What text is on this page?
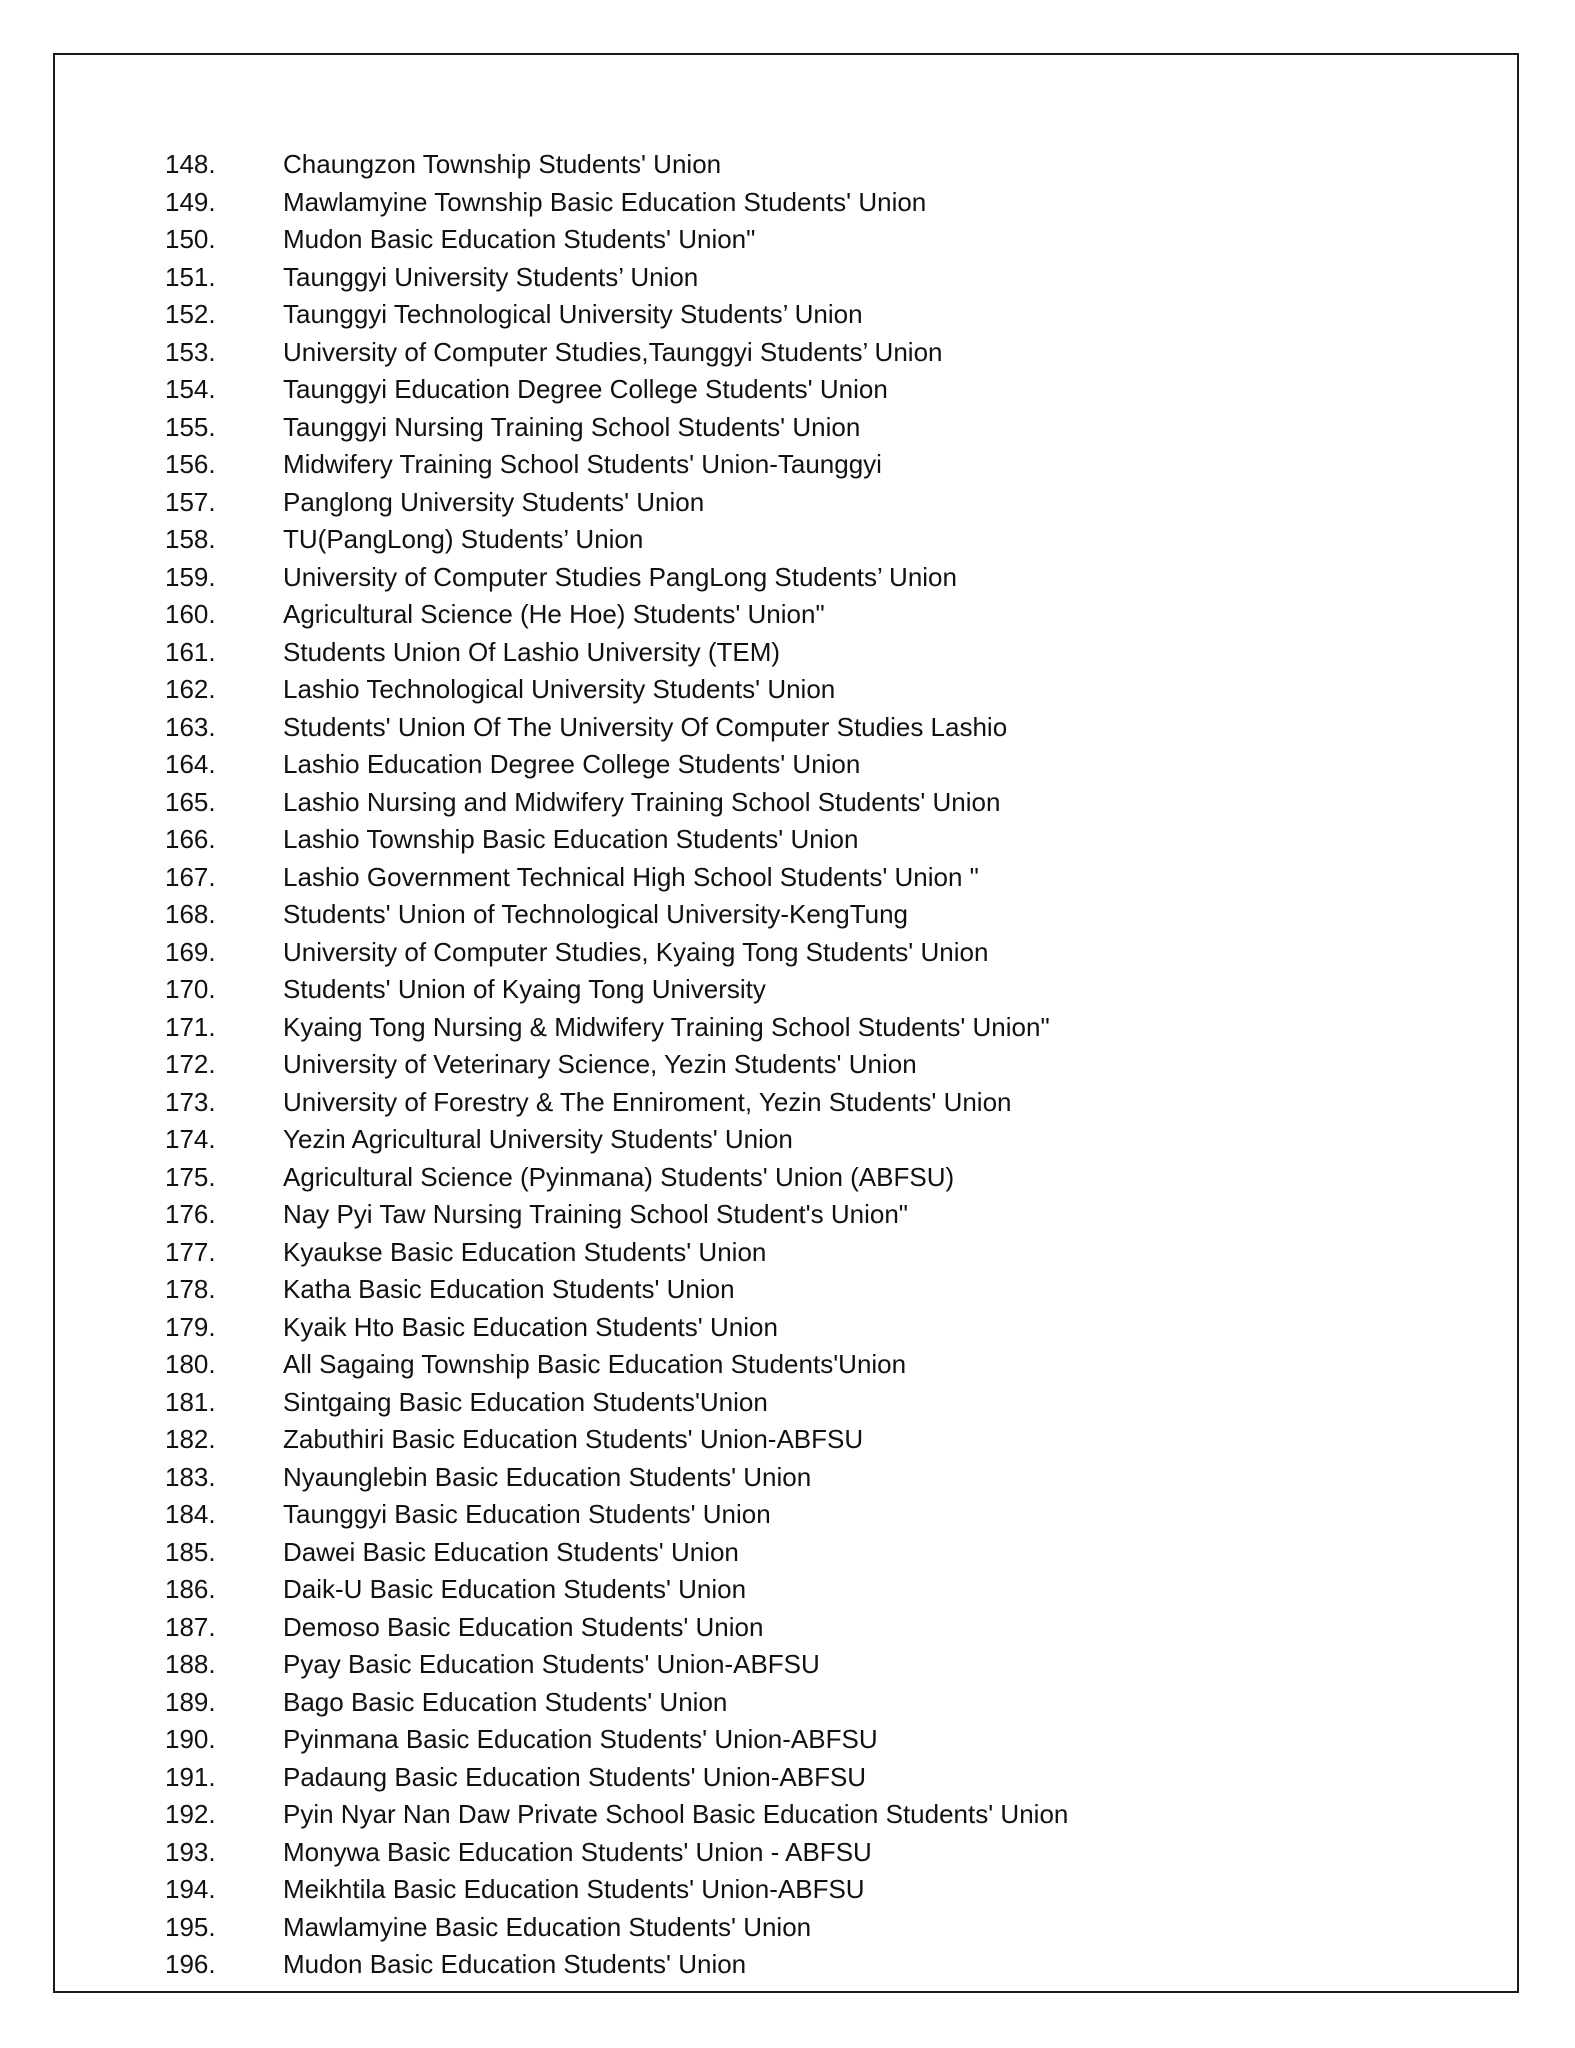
148.	Chaungzon Township Students' Union
149.	Mawlamyine Township Basic Education Students' Union
150.	Mudon Basic Education Students' Union"
151.	Taunggyi University Students’ Union
152.	Taunggyi Technological University Students’ Union
153.	University of Computer Studies,Taunggyi Students’ Union
154.	Taunggyi Education Degree College Students' Union
155.	Taunggyi Nursing Training School Students' Union
156.	Midwifery Training School Students' Union-Taunggyi
157.	Panglong University Students' Union
158.	TU(PangLong) Students’ Union
159.	University of Computer Studies PangLong Students’ Union
160.	Agricultural Science (He Hoe) Students' Union"
161.	Students Union Of Lashio University (TEM)
162.	Lashio Technological University Students' Union
163.	Students' Union Of The University Of Computer Studies Lashio
164.	Lashio Education Degree College Students' Union
165.	Lashio Nursing and Midwifery Training School Students' Union
166.	Lashio Township Basic Education Students' Union
167.	Lashio Government Technical High School Students' Union "
168.	Students' Union of Technological University-KengTung
169.	University of Computer Studies, Kyaing Tong Students' Union
170.	Students' Union of Kyaing Tong University
171.	Kyaing Tong Nursing & Midwifery Training School Students' Union"
172.	University of Veterinary Science, Yezin Students' Union
173.	University of Forestry & The Enniroment, Yezin Students' Union
174.	Yezin Agricultural University Students' Union
175.	Agricultural Science (Pyinmana) Students' Union (ABFSU)
176.	Nay Pyi Taw Nursing Training School Student's Union"
177.	Kyaukse Basic Education Students' Union
178.	Katha Basic Education Students' Union
179.	Kyaik Hto Basic Education Students' Union
180.	All Sagaing Township Basic Education Students'Union
181.	Sintgaing Basic Education Students'Union
182.	Zabuthiri Basic Education Students' Union-ABFSU
183.	Nyaunglebin Basic Education Students' Union
184.	Taunggyi Basic Education Students' Union
185.	Dawei Basic Education Students' Union
186.	Daik-U Basic Education Students' Union
187.	Demoso Basic Education Students' Union
188.	Pyay Basic Education Students' Union-ABFSU
189.	Bago Basic Education Students' Union
190.	Pyinmana Basic Education Students' Union-ABFSU
191.	Padaung Basic Education Students' Union-ABFSU
192.	Pyin Nyar Nan Daw Private School Basic Education Students' Union
193.	Monywa Basic Education Students' Union - ABFSU
194.	Meikhtila Basic Education Students' Union-ABFSU
195.	Mawlamyine Basic Education Students' Union
196.	Mudon Basic Education Students' Union
